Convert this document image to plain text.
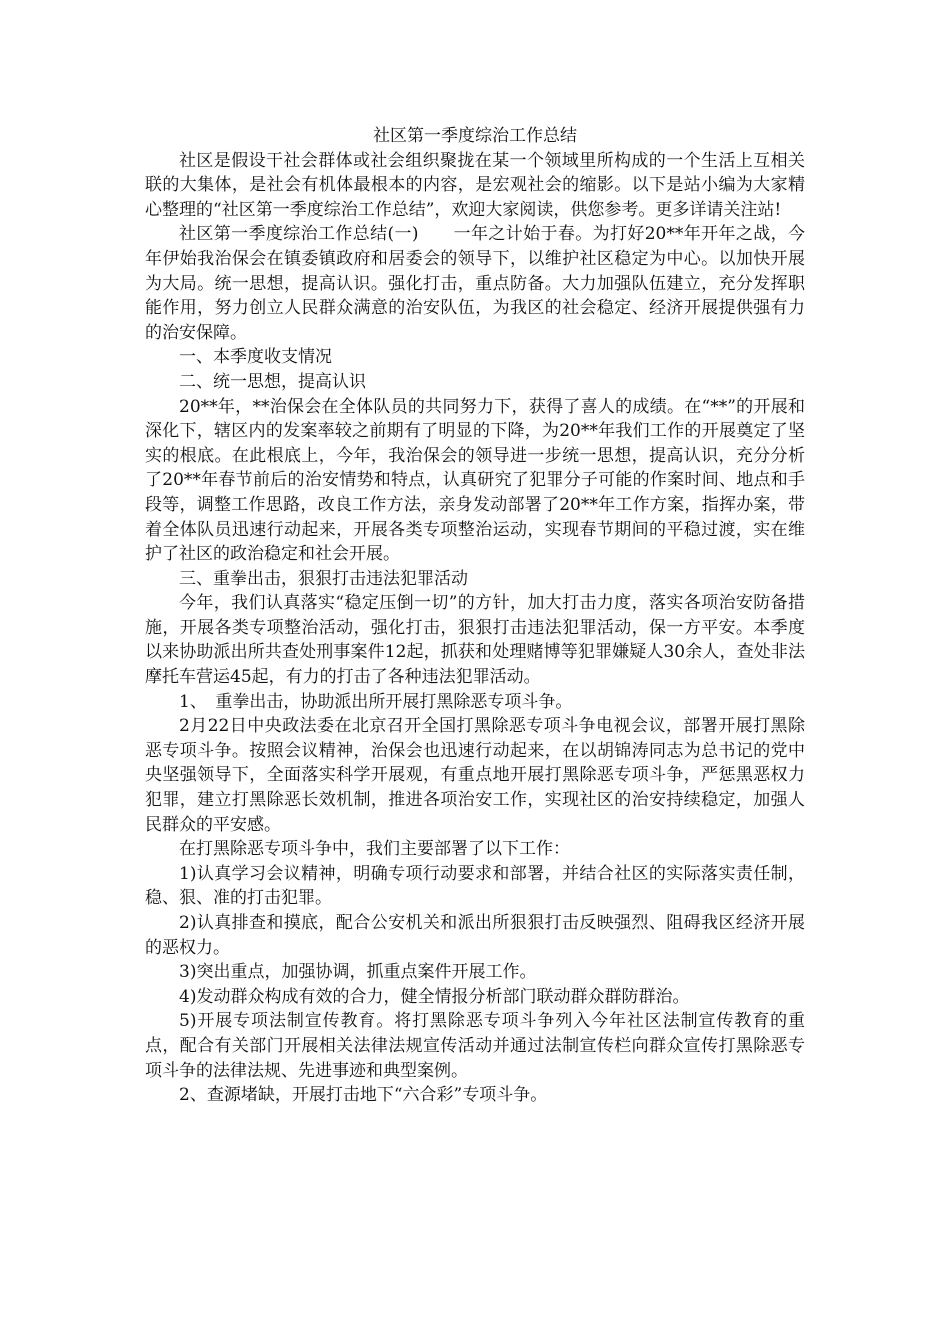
社区第一季度综治工作总结

社区是假设干社会群体或社会组织聚拢在某一个领域里所构成的一个生活上互相关联的大集体，是社会有机体最根本的内容，是宏观社会的缩影。以下是站小编为大家精心整理的“社区第一季度综治工作总结”，欢迎大家阅读，供您参考。更多详请关注站!

社区第一季度综治工作总结(一)　　一年之计始于春。为打好20**年开年之战，今年伊始我治保会在镇委镇政府和居委会的领导下，以维护社区稳定为中心。以加快开展为大局。统一思想，提高认识。强化打击，重点防备。大力加强队伍建立，充分发挥职能作用，努力创立人民群众满意的治安队伍，为我区的社会稳定、经济开展提供强有力的治安保障。

一、本季度收支情况

二、统一思想，提高认识

20**年，**治保会在全体队员的共同努力下，获得了喜人的成绩。在“**”的开展和深化下，辖区内的发案率较之前期有了明显的下降，为20**年我们工作的开展奠定了坚实的根底。在此根底上，今年，我治保会的领导进一步统一思想，提高认识，充分分析了20**年春节前后的治安情势和特点，认真研究了犯罪分子可能的作案时间、地点和手段等，调整工作思路，改良工作方法，亲身发动部署了20**年工作方案，指挥办案，带着全体队员迅速行动起来，开展各类专项整治运动，实现春节期间的平稳过渡，实在维护了社区的政治稳定和社会开展。

三、重拳出击，狠狠打击违法犯罪活动

今年，我们认真落实“稳定压倒一切”的方针，加大打击力度，落实各项治安防备措施，开展各类专项整治活动，强化打击，狠狠打击违法犯罪活动，保一方平安。本季度以来协助派出所共查处刑事案件12起，抓获和处理赌博等犯罪嫌疑人30余人，查处非法摩托车营运45起，有力的打击了各种违法犯罪活动。

1、　重拳出击，协助派出所开展打黑除恶专项斗争。

2月22日中央政法委在北京召开全国打黑除恶专项斗争电视会议，部署开展打黑除恶专项斗争。按照会议精神，治保会也迅速行动起来，在以胡锦涛同志为总书记的党中央坚强领导下，全面落实科学开展观，有重点地开展打黑除恶专项斗争，严惩黑恶权力犯罪，建立打黑除恶长效机制，推进各项治安工作，实现社区的治安持续稳定，加强人民群众的平安感。

在打黑除恶专项斗争中，我们主要部署了以下工作：

1)认真学习会议精神，明确专项行动要求和部署，并结合社区的实际落实责任制，稳、狠、准的打击犯罪。

2)认真排查和摸底，配合公安机关和派出所狠狠打击反映强烈、阻碍我区经济开展的恶权力。

3)突出重点，加强协调，抓重点案件开展工作。

4)发动群众构成有效的合力，健全情报分析部门联动群众群防群治。

5)开展专项法制宣传教育。将打黑除恶专项斗争列入今年社区法制宣传教育的重点，配合有关部门开展相关法律法规宣传活动并通过法制宣传栏向群众宣传打黑除恶专项斗争的法律法规、先进事迹和典型案例。

2、查源堵缺，开展打击地下“六合彩”专项斗争。
